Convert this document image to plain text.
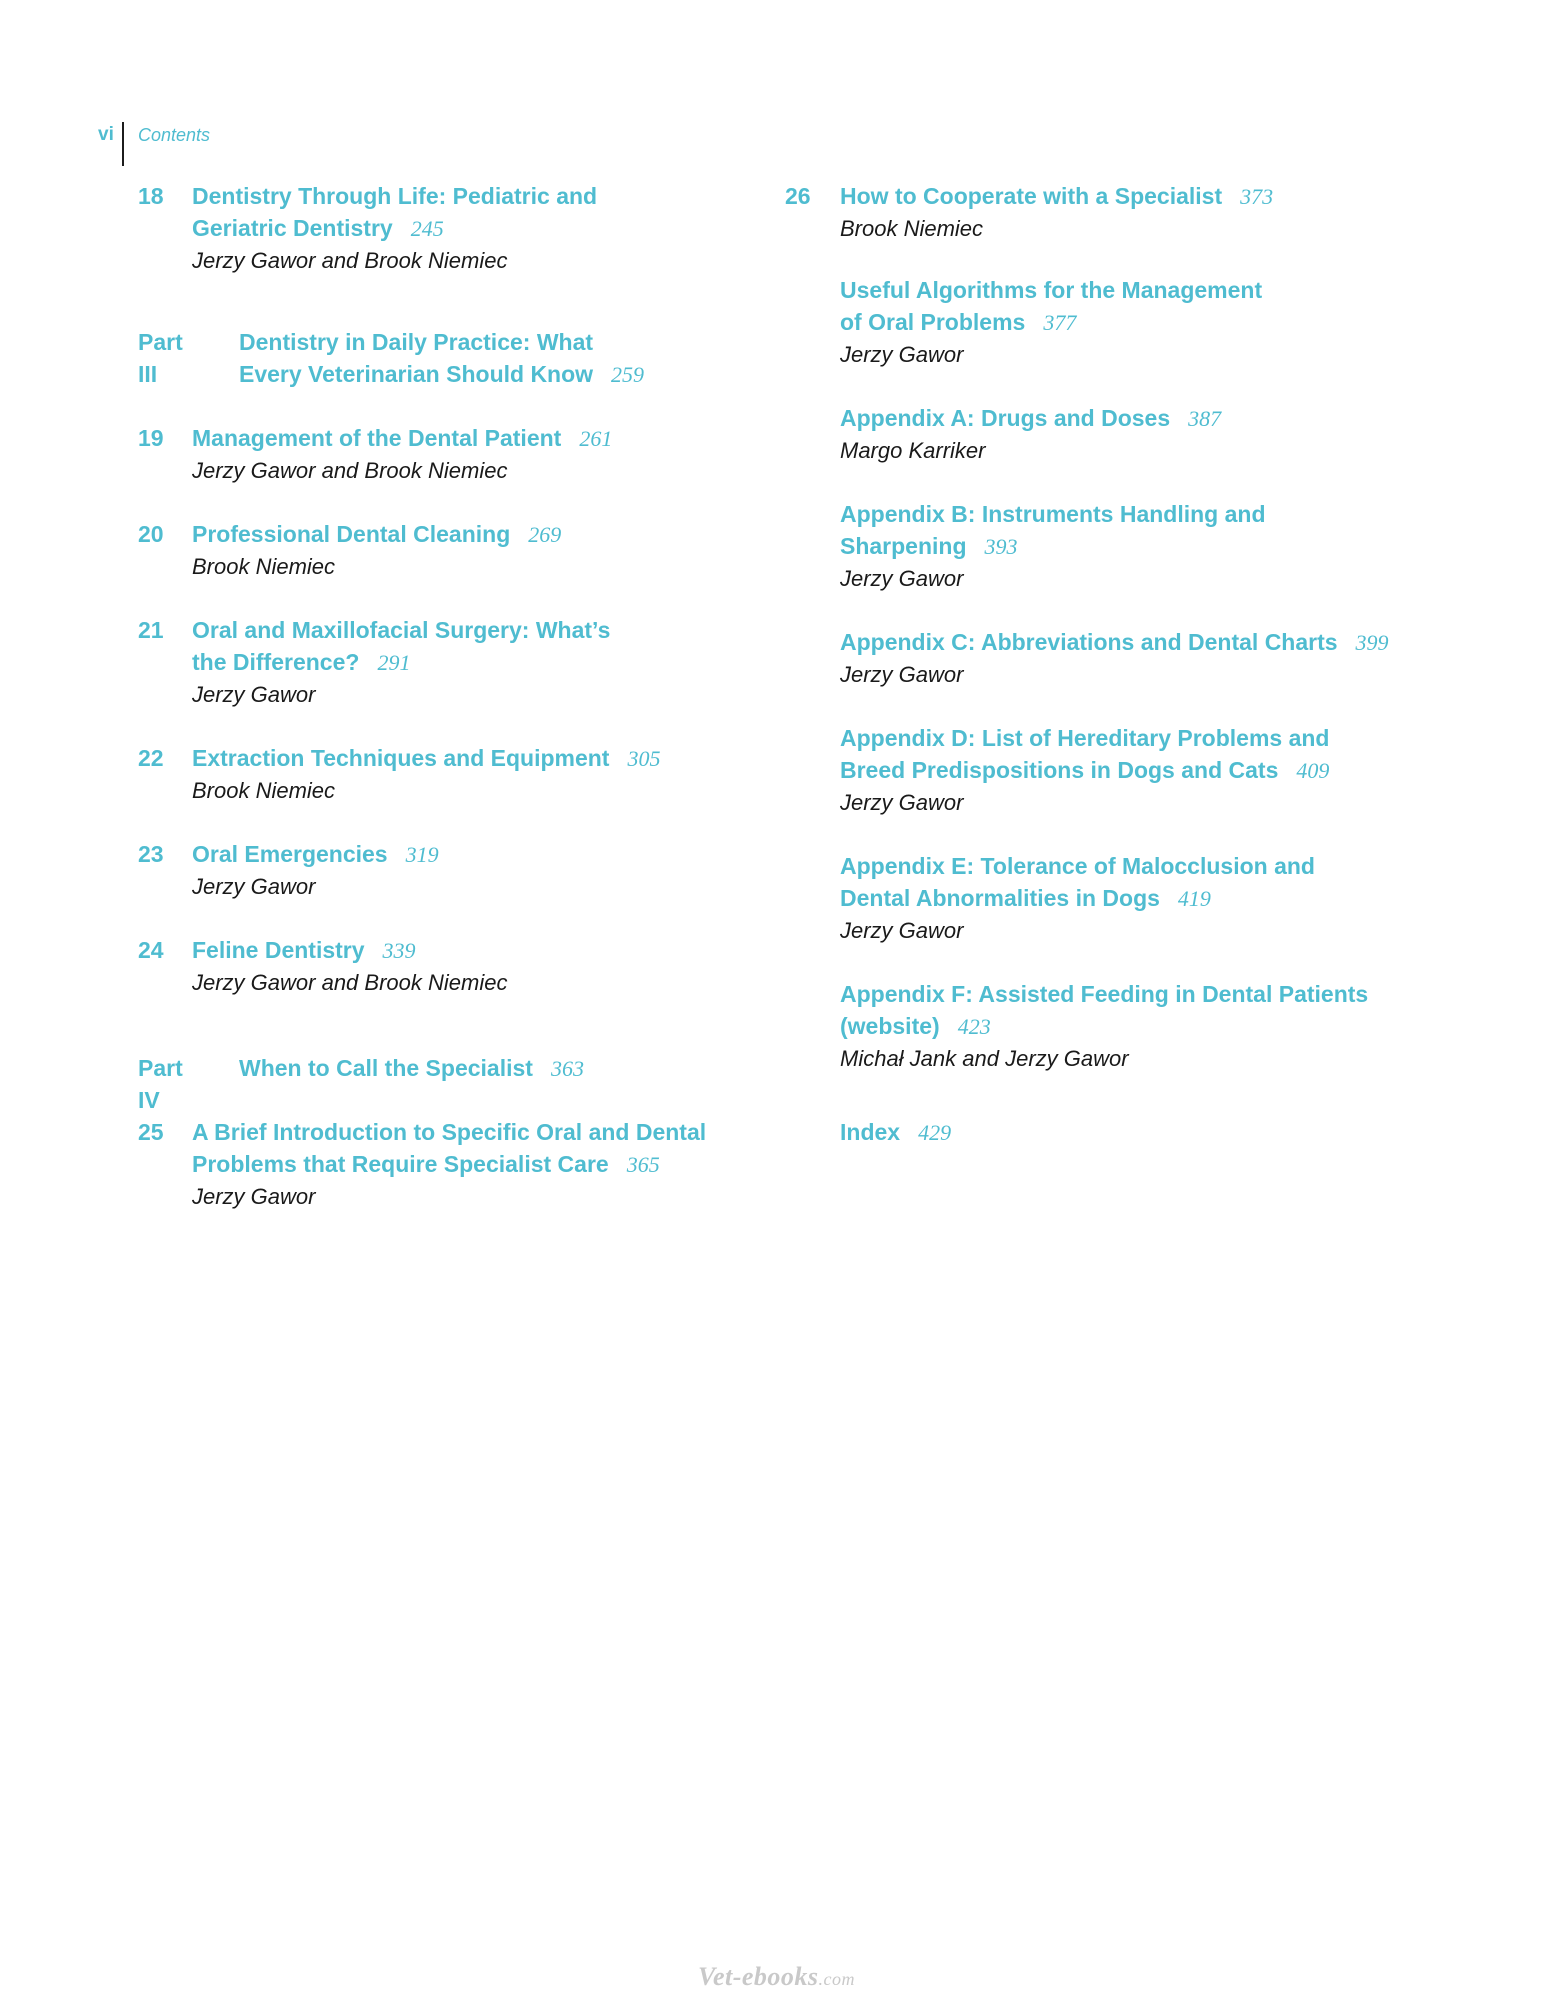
vi Contents
18 Dentistry Through Life: Pediatric and
Geriatric Dentistry 245
Jerzy Gawor and Brook Niemiec
Part III
Dentistry in Daily Practice: What
Every Veterinarian Should Know 259
19 Management of the Dental Patient 261
Jerzy Gawor and Brook Niemiec
20 Professional Dental Cleaning 269
Brook Niemiec
21 Oral and Maxillofacial Surgery: What’s
the Difference? 291
Jerzy Gawor
22 Extraction Techniques and Equipment 305
Brook Niemiec
23 Oral Emergencies 319
Jerzy Gawor
24 Feline Dentistry 339
Jerzy Gawor and Brook Niemiec
Part IV
When to Call the Specialist 363
25 A Brief Introduction to Specific Oral and Dental
Problems that Require Specialist Care 365
Jerzy Gawor
26 How to Cooperate with a Specialist 373
Brook Niemiec
Useful Algorithms for the Management
of Oral Problems 377
Jerzy Gawor
Appendix A: Drugs and Doses 387
Margo Karriker
Appendix B: Instruments Handling and
Sharpening 393
Jerzy Gawor
Appendix C: Abbreviations and Dental Charts 399
Jerzy Gawor
Appendix D: List of Hereditary Problems and
Breed Predispositions in Dogs and Cats 409
Jerzy Gawor
Appendix E: Tolerance of Malocclusion and
Dental Abnormalities in Dogs 419
Jerzy Gawor
Appendix F: Assisted Feeding in Dental Patients
(website) 423
Michał Jank and Jerzy Gawor
Index 429
Vet-ebooks.com
